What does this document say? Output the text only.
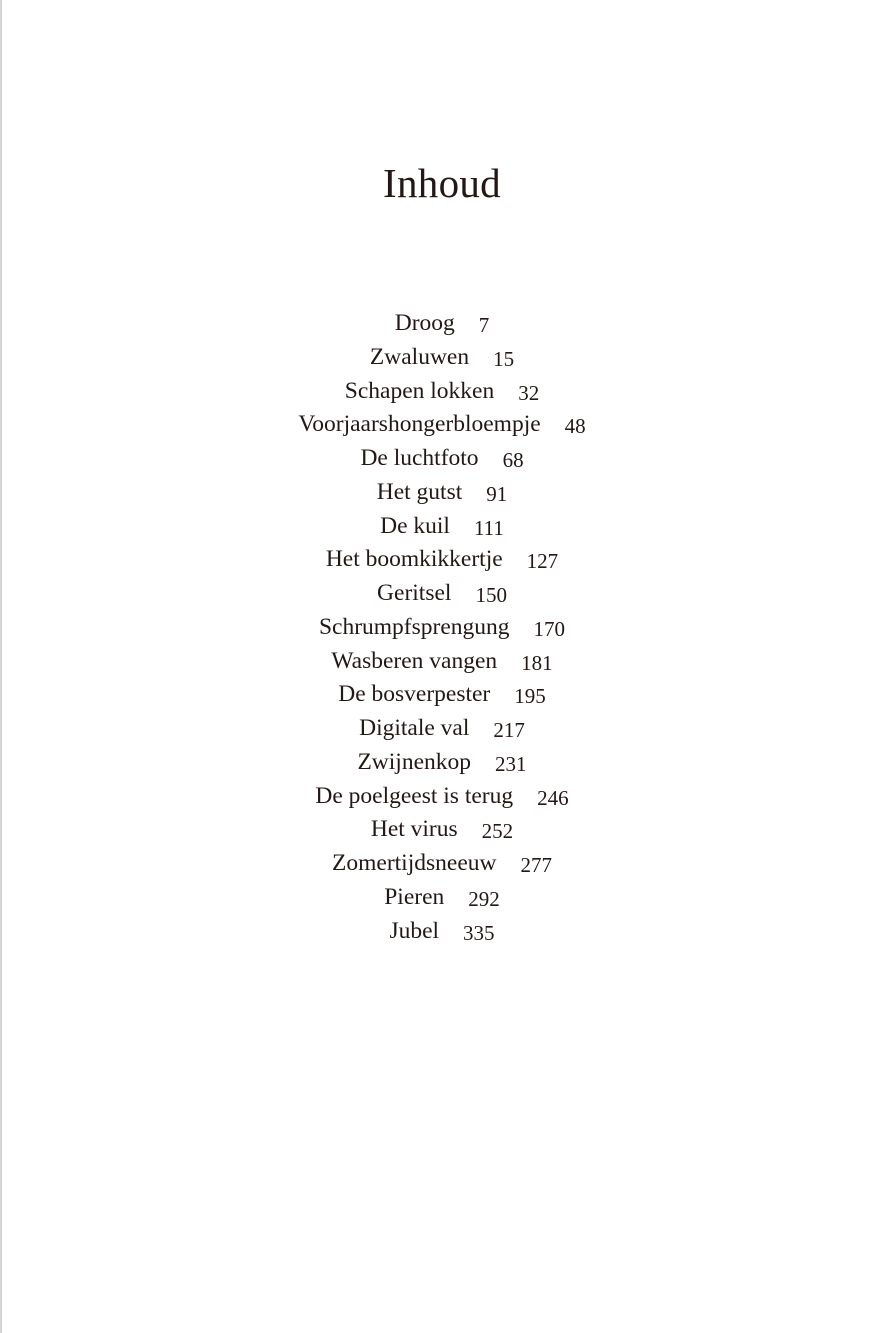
Inhoud
Droog 7
Zwaluwen 15
Schapen lokken 32
Voorjaarshongerbloempje 48
De luchtfoto 68
Het gutst 91
De kuil 111
Het boomkikkertje 127
Geritsel 150
Schrumpfsprengung 170
Wasberen vangen 181
De bosverpester 195
Digitale val 217
Zwijnenkop 231
De poelgeest is terug 246
Het virus 252
Zomertijdsneeuw 277
Pieren 292
Jubel 335
